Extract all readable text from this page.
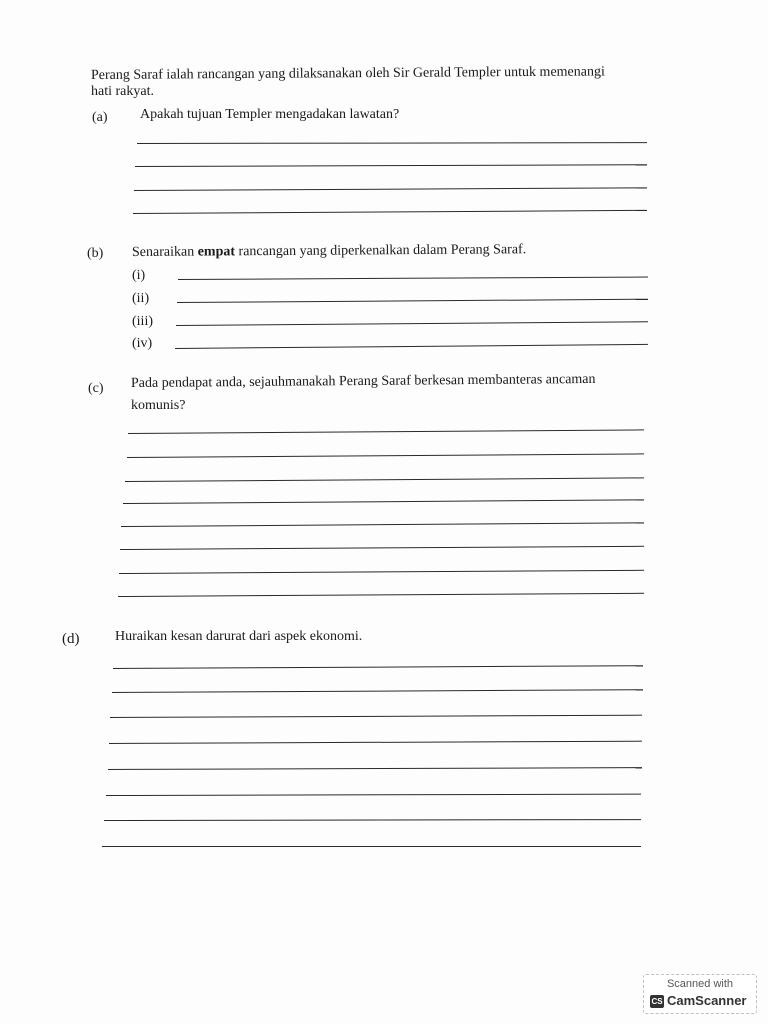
Perang Saraf ialah rancangan yang dilaksanakan oleh Sir Gerald Templer untuk memenangi
hati rakyat.
(a) Apakah tujuan Templer mengadakan lawatan?
(b) Senaraikan empat rancangan yang diperkenalkan dalam Perang Saraf.
(i)
(ii)
(iii)
(iv)
(c) Pada pendapat anda, sejauhmanakah Perang Saraf berkesan membanteras ancaman
komunis?
(d)	Huraikan kesan darurat dari aspek ekonomi.
Scanned with
CS CamScanner
